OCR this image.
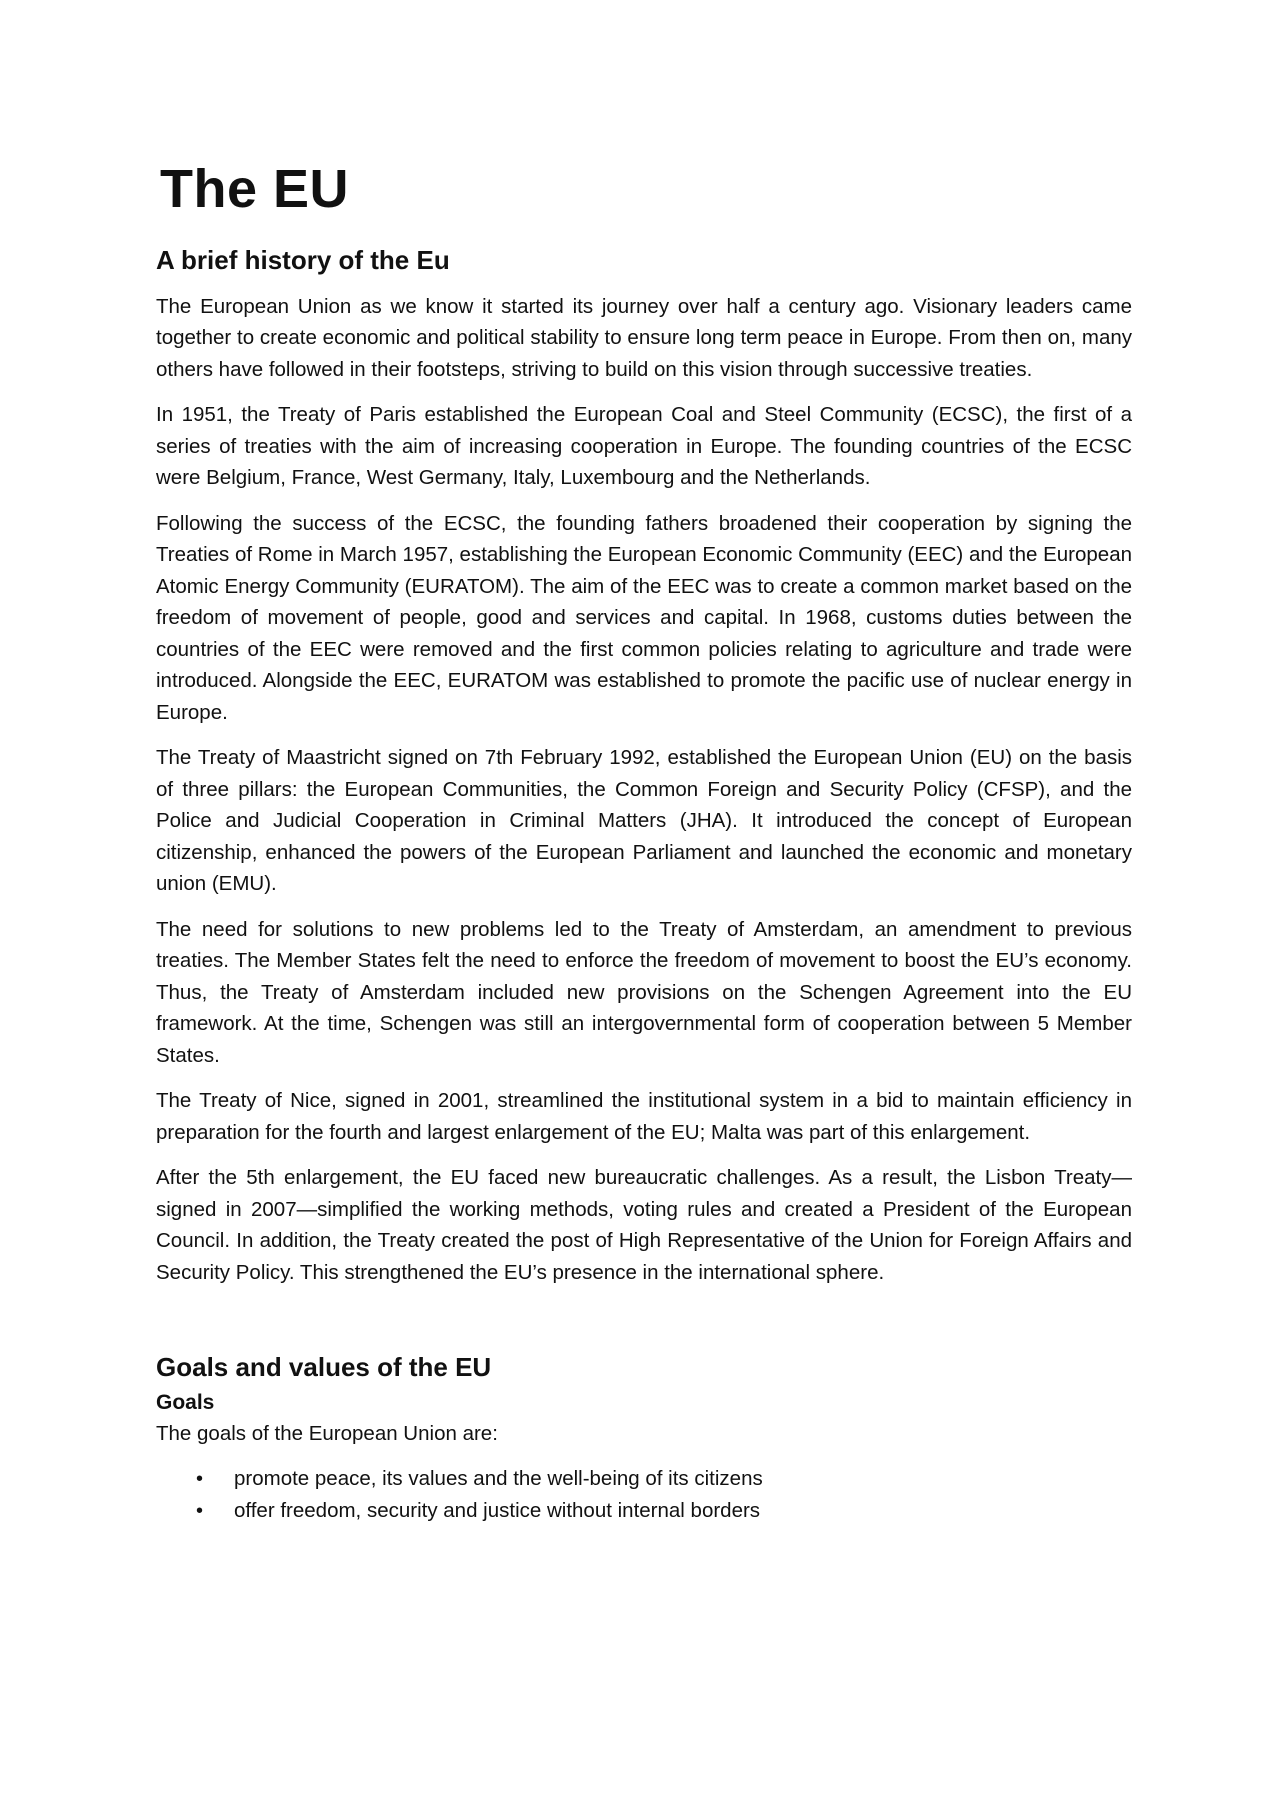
The EU
A brief history of the Eu

The European Union as we know it started its journey over half a century ago. Visionary leaders came together to create economic and political stability to ensure long term peace in Europe. From then on, many others have followed in their footsteps, striving to build on this vision through successive treaties.

In 1951, the Treaty of Paris established the European Coal and Steel Community (ECSC), the first of a series of treaties with the aim of increasing cooperation in Europe. The founding countries of the ECSC were Belgium, France, West Germany, Italy, Luxembourg and the Netherlands.

Following the success of the ECSC, the founding fathers broadened their cooperation by signing the Treaties of Rome in March 1957, establishing the European Economic Community (EEC) and the European Atomic Energy Community (EURATOM). The aim of the EEC was to create a common market based on the freedom of movement of people, good and services and capital. In 1968, customs duties between the countries of the EEC were removed and the first common policies relating to agriculture and trade were introduced. Alongside the EEC, EURATOM was established to promote the pacific use of nuclear energy in Europe.

The Treaty of Maastricht signed on 7th February 1992, established the European Union (EU) on the basis of three pillars: the European Communities, the Common Foreign and Security Policy (CFSP), and the Police and Judicial Cooperation in Criminal Matters (JHA). It introduced the concept of European citizenship, enhanced the powers of the European Parliament and launched the economic and monetary union (EMU).

The need for solutions to new problems led to the Treaty of Amsterdam, an amendment to previous treaties. The Member States felt the need to enforce the freedom of movement to boost the EU’s economy. Thus, the Treaty of Amsterdam included new provisions on the Schengen Agreement into the EU framework. At the time, Schengen was still an intergovernmental form of cooperation between 5 Member States.

The Treaty of Nice, signed in 2001, streamlined the institutional system in a bid to maintain efficiency in preparation for the fourth and largest enlargement of the EU; Malta was part of this enlargement.

After the 5th enlargement, the EU faced new bureaucratic challenges. As a result, the Lisbon Treaty—signed in 2007—simplified the working methods, voting rules and created a President of the European Council. In addition, the Treaty created the post of High Representative of the Union for Foreign Affairs and Security Policy. This strengthened the EU’s presence in the international sphere.

Goals and values of the EU
Goals

The goals of the European Union are:

• promote peace, its values and the well-being of its citizens
• offer freedom, security and justice without internal borders
